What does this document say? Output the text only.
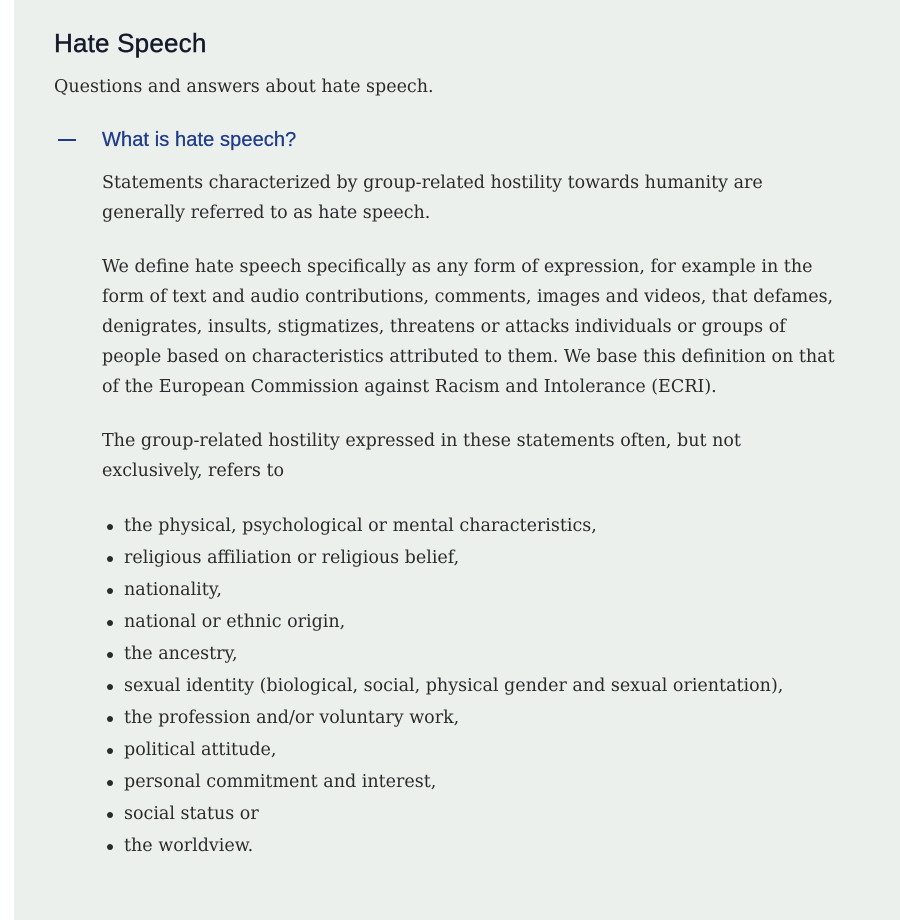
Hate Speech

Questions and answers about hate speech.

What is hate speech?

Statements characterized by group-related hostility towards humanity are generally referred to as hate speech.

We define hate speech specifically as any form of expression, for example in the form of text and audio contributions, comments, images and videos, that defames, denigrates, insults, stigmatizes, threatens or attacks individuals or groups of people based on characteristics attributed to them. We base this definition on that of the European Commission against Racism and Intolerance (ECRI).

The group-related hostility expressed in these statements often, but not exclusively, refers to

the physical, psychological or mental characteristics,
religious affiliation or religious belief,
nationality,
national or ethnic origin,
the ancestry,
sexual identity (biological, social, physical gender and sexual orientation),
the profession and/or voluntary work,
political attitude,
personal commitment and interest,
social status or
the worldview.
